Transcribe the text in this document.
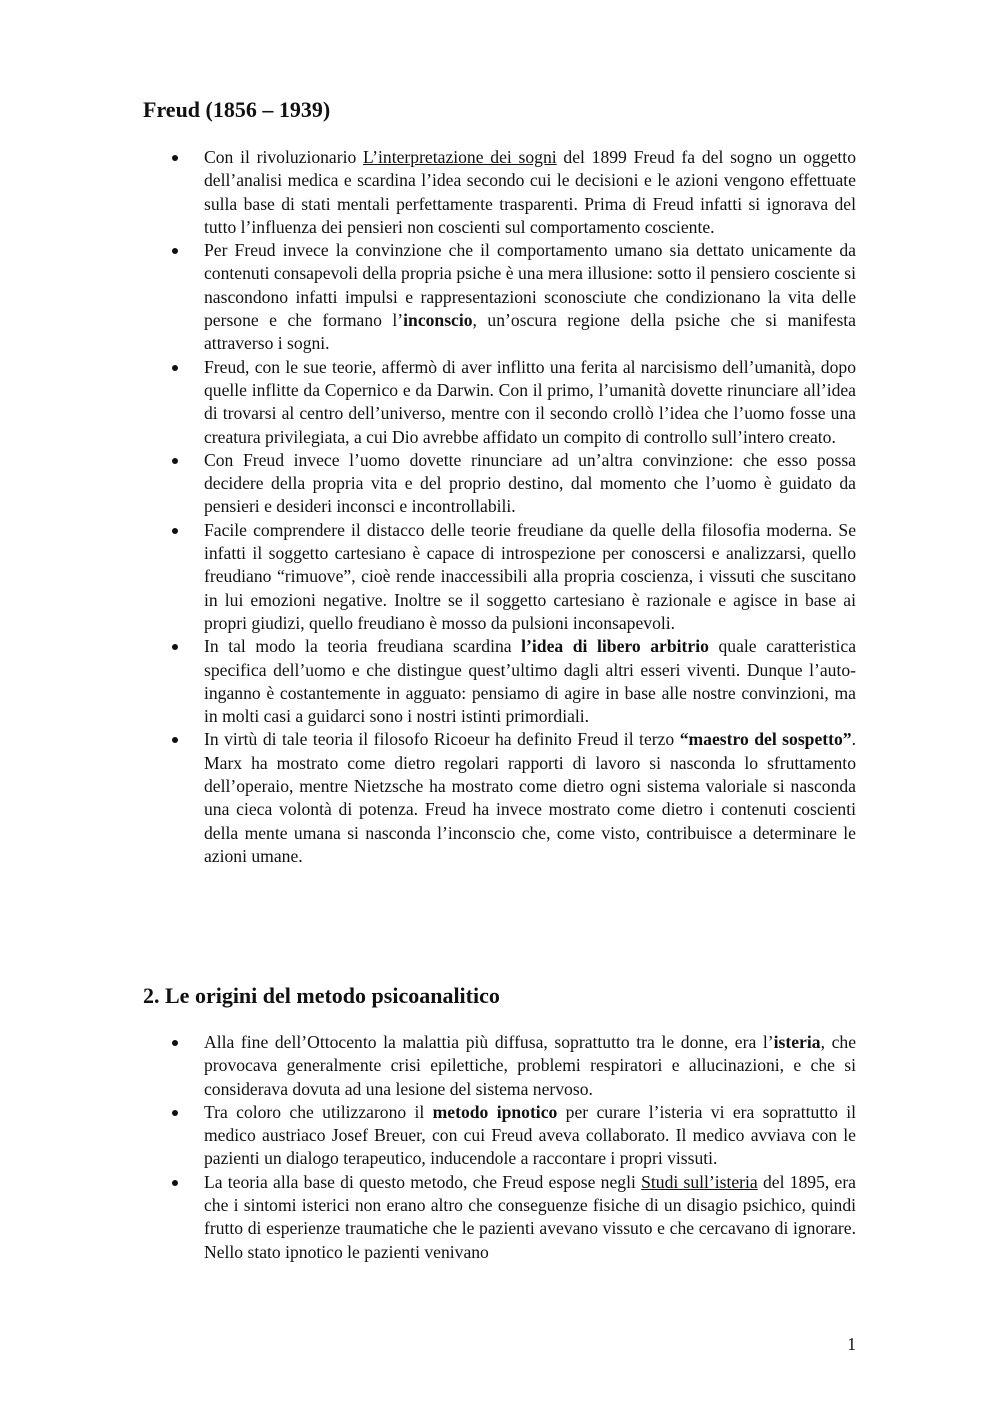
Freud (1856 – 1939)
Con il rivoluzionario L’interpretazione dei sogni del 1899 Freud fa del sogno un oggetto dell’analisi medica e scardina l’idea secondo cui le decisioni e le azioni vengono effettuate sulla base di stati mentali perfettamente trasparenti. Prima di Freud infatti si ignorava del tutto l’influenza dei pensieri non coscienti sul comportamento cosciente.
Per Freud invece la convinzione che il comportamento umano sia dettato unicamente da contenuti consapevoli della propria psiche è una mera illusione: sotto il pensiero cosciente si nascondono infatti impulsi e rappresentazioni sconosciute che condizionano la vita delle persone e che formano l’inconscio, un’oscura regione della psiche che si manifesta attraverso i sogni.
Freud, con le sue teorie, affermò di aver inflitto una ferita al narcisismo dell’umanità, dopo quelle inflitte da Copernico e da Darwin. Con il primo, l’umanità dovette rinunciare all’idea di trovarsi al centro dell’universo, mentre con il secondo crollò l’idea che l’uomo fosse una creatura privilegiata, a cui Dio avrebbe affidato un compito di controllo sull’intero creato.
Con Freud invece l’uomo dovette rinunciare ad un’altra convinzione: che esso possa decidere della propria vita e del proprio destino, dal momento che l’uomo è guidato da pensieri e desideri inconsci e incontrollabili.
Facile comprendere il distacco delle teorie freudiane da quelle della filosofia moderna. Se infatti il soggetto cartesiano è capace di introspezione per conoscersi e analizzarsi, quello freudiano “rimuove”, cioè rende inaccessibili alla propria coscienza, i vissuti che suscitano in lui emozioni negative. Inoltre se il soggetto cartesiano è razionale e agisce in base ai propri giudizi, quello freudiano è mosso da pulsioni inconsapevoli.
In tal modo la teoria freudiana scardina l’idea di libero arbitrio quale caratteristica specifica dell’uomo e che distingue quest’ultimo dagli altri esseri viventi. Dunque l’auto-inganno è costantemente in agguato: pensiamo di agire in base alle nostre convinzioni, ma in molti casi a guidarci sono i nostri istinti primordiali.
In virtù di tale teoria il filosofo Ricoeur ha definito Freud il terzo “maestro del sospetto”. Marx ha mostrato come dietro regolari rapporti di lavoro si nasconda lo sfruttamento dell’operaio, mentre Nietzsche ha mostrato come dietro ogni sistema valoriale si nasconda una cieca volontà di potenza. Freud ha invece mostrato come dietro i contenuti coscienti della mente umana si nasconda l’inconscio che, come visto, contribuisce a determinare le azioni umane.
2. Le origini del metodo psicoanalitico
Alla fine dell’Ottocento la malattia più diffusa, soprattutto tra le donne, era l’isteria, che provocava generalmente crisi epilettiche, problemi respiratori e allucinazioni, e che si considerava dovuta ad una lesione del sistema nervoso.
Tra coloro che utilizzarono il metodo ipnotico per curare l’isteria vi era soprattutto il medico austriaco Josef Breuer, con cui Freud aveva collaborato. Il medico avviava con le pazienti un dialogo terapeutico, inducendole a raccontare i propri vissuti.
La teoria alla base di questo metodo, che Freud espose negli Studi sull’isteria del 1895, era che i sintomi isterici non erano altro che conseguenze fisiche di un disagio psichico, quindi frutto di esperienze traumatiche che le pazienti avevano vissuto e che cercavano di ignorare. Nello stato ipnotico le pazienti venivano
1
